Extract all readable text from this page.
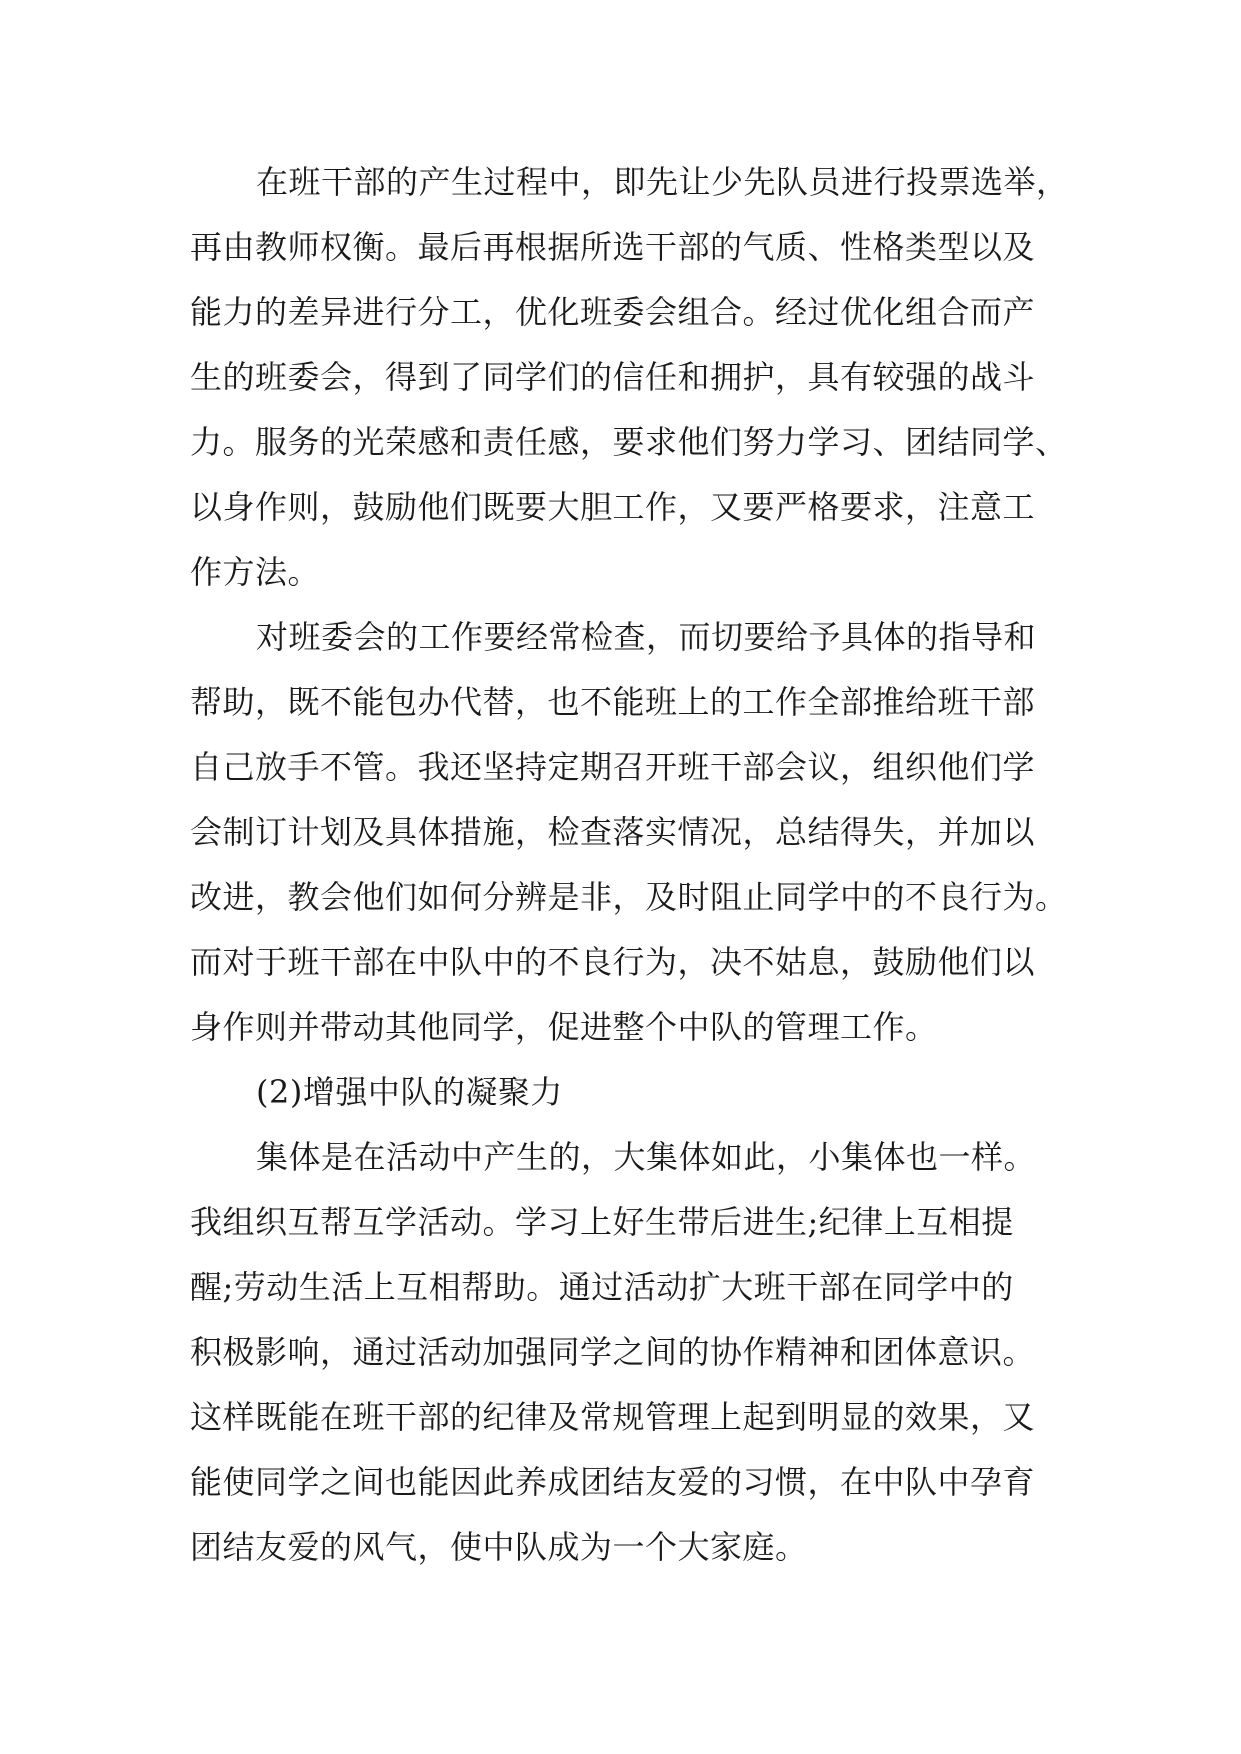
在班干部的产生过程中，即先让少先队员进行投票选举，
再由教师权衡。最后再根据所选干部的气质、性格类型以及
能力的差异进行分工，优化班委会组合。经过优化组合而产
生的班委会，得到了同学们的信任和拥护，具有较强的战斗
力。服务的光荣感和责任感，要求他们努力学习、团结同学、
以身作则，鼓励他们既要大胆工作，又要严格要求，注意工
作方法。
对班委会的工作要经常检查，而切要给予具体的指导和
帮助，既不能包办代替，也不能班上的工作全部推给班干部
自己放手不管。我还坚持定期召开班干部会议，组织他们学
会制订计划及具体措施，检查落实情况，总结得失，并加以
改进，教会他们如何分辨是非，及时阻止同学中的不良行为。
而对于班干部在中队中的不良行为，决不姑息，鼓励他们以
身作则并带动其他同学，促进整个中队的管理工作。
(2)增强中队的凝聚力
集体是在活动中产生的，大集体如此，小集体也一样。
我组织互帮互学活动。学习上好生带后进生;纪律上互相提
醒;劳动生活上互相帮助。通过活动扩大班干部在同学中的
积极影响，通过活动加强同学之间的协作精神和团体意识。
这样既能在班干部的纪律及常规管理上起到明显的效果，又
能使同学之间也能因此养成团结友爱的习惯，在中队中孕育
团结友爱的风气，使中队成为一个大家庭。
